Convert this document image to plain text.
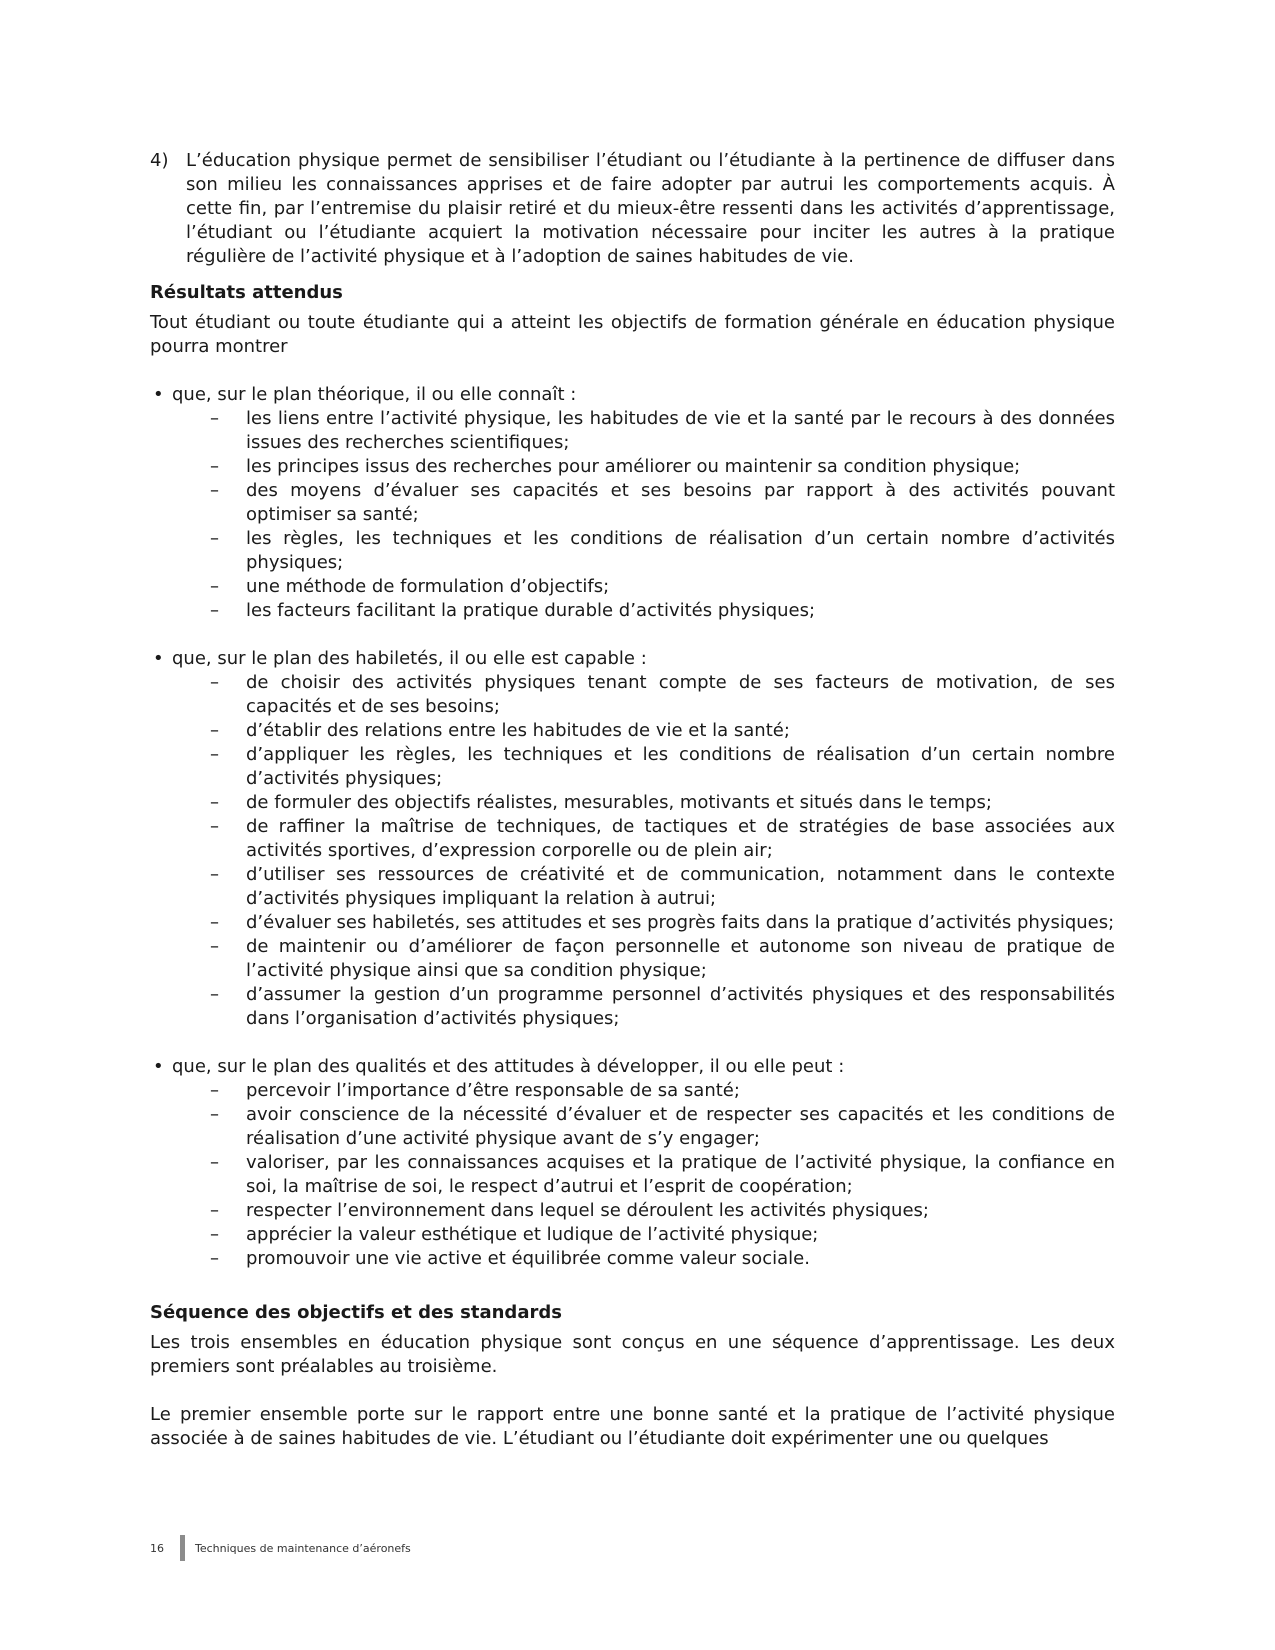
4) L’éducation physique permet de sensibiliser l’étudiant ou l’étudiante à la pertinence de diffuser dans son milieu les connaissances apprises et de faire adopter par autrui les comportements acquis. À cette fin, par l’entremise du plaisir retiré et du mieux-être ressenti dans les activités d’apprentissage, l’étudiant ou l’étudiante acquiert la motivation nécessaire pour inciter les autres à la pratique régulière de l’activité physique et à l’adoption de saines habitudes de vie.
Résultats attendus

Tout étudiant ou toute étudiante qui a atteint les objectifs de formation générale en éducation physique pourra montrer

• que, sur le plan théorique, il ou elle connaît :
–	les liens entre l’activité physique, les habitudes de vie et la santé par le recours à des données issues des recherches scientifiques;
–	les principes issus des recherches pour améliorer ou maintenir sa condition physique;
–	des moyens d’évaluer ses capacités et ses besoins par rapport à des activités pouvant optimiser sa santé;
–	les règles, les techniques et les conditions de réalisation d’un certain nombre d’activités physiques;
–	une méthode de formulation d’objectifs;
–	les facteurs facilitant la pratique durable d’activités physiques;
• que, sur le plan des habiletés, il ou elle est capable :
–	de choisir des activités physiques tenant compte de ses facteurs de motivation, de ses capacités et de ses besoins;
–	d’établir des relations entre les habitudes de vie et la santé;
–	d’appliquer les règles, les techniques et les conditions de réalisation d’un certain nombre d’activités physiques;
–	de formuler des objectifs réalistes, mesurables, motivants et situés dans le temps;
–	de raffiner la maîtrise de techniques, de tactiques et de stratégies de base associées aux activités sportives, d’expression corporelle ou de plein air;
–	d’utiliser ses ressources de créativité et de communication, notamment dans le contexte d’activités physiques impliquant la relation à autrui;
–	d’évaluer ses habiletés, ses attitudes et ses progrès faits dans la pratique d’activités physiques;
–	de maintenir ou d’améliorer de façon personnelle et autonome son niveau de pratique de l’activité physique ainsi que sa condition physique;
–	d’assumer la gestion d’un programme personnel d’activités physiques et des responsabilités dans l’organisation d’activités physiques;
• que, sur le plan des qualités et des attitudes à développer, il ou elle peut :
–	percevoir l’importance d’être responsable de sa santé;
–	avoir conscience de la nécessité d’évaluer et de respecter ses capacités et les conditions de réalisation d’une activité physique avant de s’y engager;
–	valoriser, par les connaissances acquises et la pratique de l’activité physique, la confiance en soi, la maîtrise de soi, le respect d’autrui et l’esprit de coopération;
–	respecter l’environnement dans lequel se déroulent les activités physiques;
–	apprécier la valeur esthétique et ludique de l’activité physique;
–	promouvoir une vie active et équilibrée comme valeur sociale.
Séquence des objectifs et des standards

Les trois ensembles en éducation physique sont conçus en une séquence d’apprentissage. Les deux premiers sont préalables au troisième.

Le premier ensemble porte sur le rapport entre une bonne santé et la pratique de l’activité physique associée à de saines habitudes de vie. L’étudiant ou l’étudiante doit expérimenter une ou quelques

16	Techniques de maintenance d’aéronefs
